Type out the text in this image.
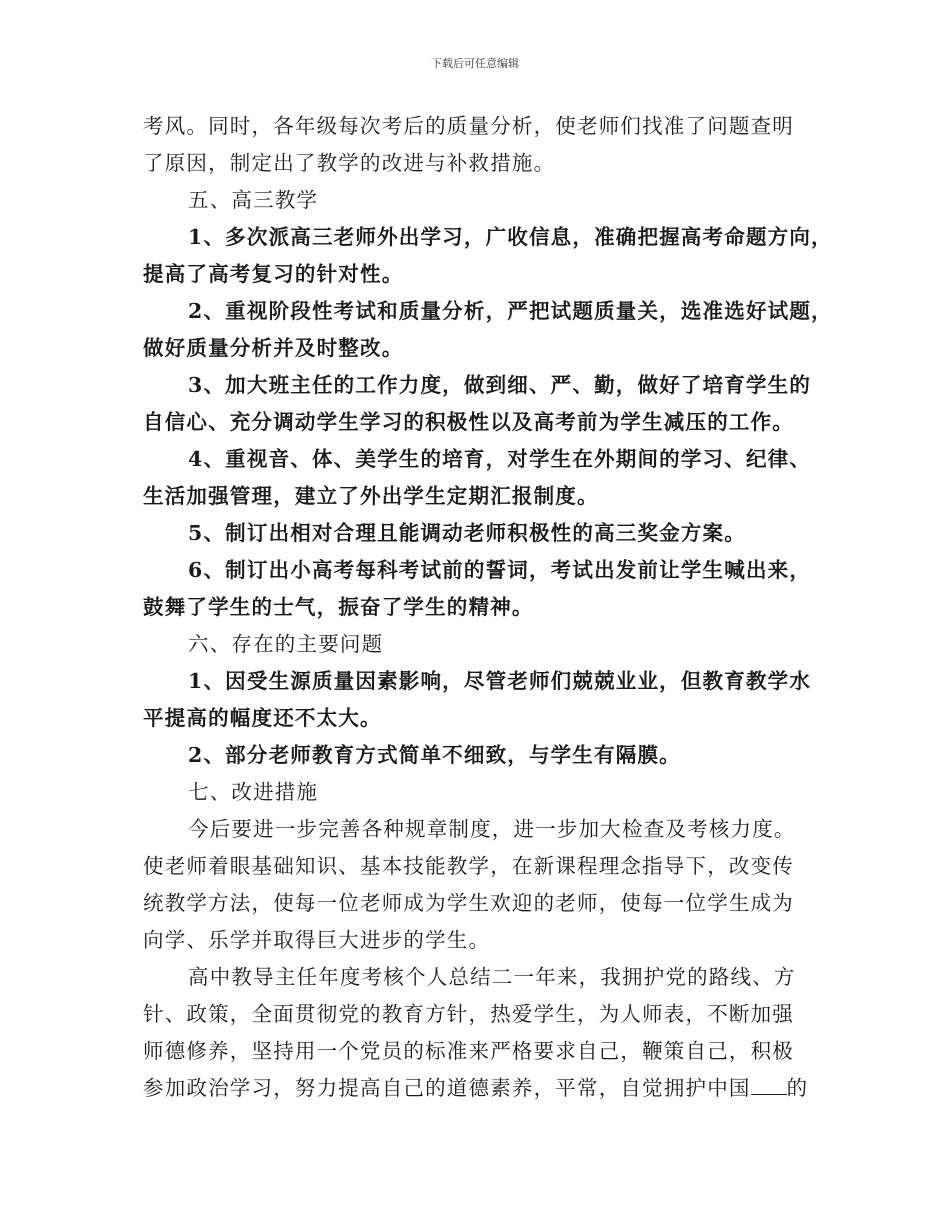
下载后可任意编辑
考风。同时，各年级每次考后的质量分析，使老师们找准了问题查明
了原因，制定出了教学的改进与补救措施。
五、高三教学
1、多次派高三老师外出学习，广收信息，准确把握高考命题方向，
提高了高考复习的针对性。
2、重视阶段性考试和质量分析，严把试题质量关，选准选好试题，
做好质量分析并及时整改。
3、加大班主任的工作力度，做到细、严、勤，做好了培育学生的
自信心、充分调动学生学习的积极性以及高考前为学生减压的工作。
4、重视音、体、美学生的培育，对学生在外期间的学习、纪律、
生活加强管理，建立了外出学生定期汇报制度。
5、制订出相对合理且能调动老师积极性的高三奖金方案。
6、制订出小高考每科考试前的誓词，考试出发前让学生喊出来，
鼓舞了学生的士气，振奋了学生的精神。
六、存在的主要问题
1、因受生源质量因素影响，尽管老师们兢兢业业，但教育教学水
平提高的幅度还不太大。
2、部分老师教育方式简单不细致，与学生有隔膜。
七、改进措施
今后要进一步完善各种规章制度，进一步加大检查及考核力度。
使老师着眼基础知识、基本技能教学，在新课程理念指导下，改变传
统教学方法，使每一位老师成为学生欢迎的老师，使每一位学生成为
向学、乐学并取得巨大进步的学生。
高中教导主任年度考核个人总结二一年来，我拥护党的路线、方
针、政策，全面贯彻党的教育方针，热爱学生，为人师表，不断加强
师德修养，坚持用一个党员的标准来严格要求自己，鞭策自己，积极
参加政治学习，努力提高自己的道德素养，平常，自觉拥护中国 的
